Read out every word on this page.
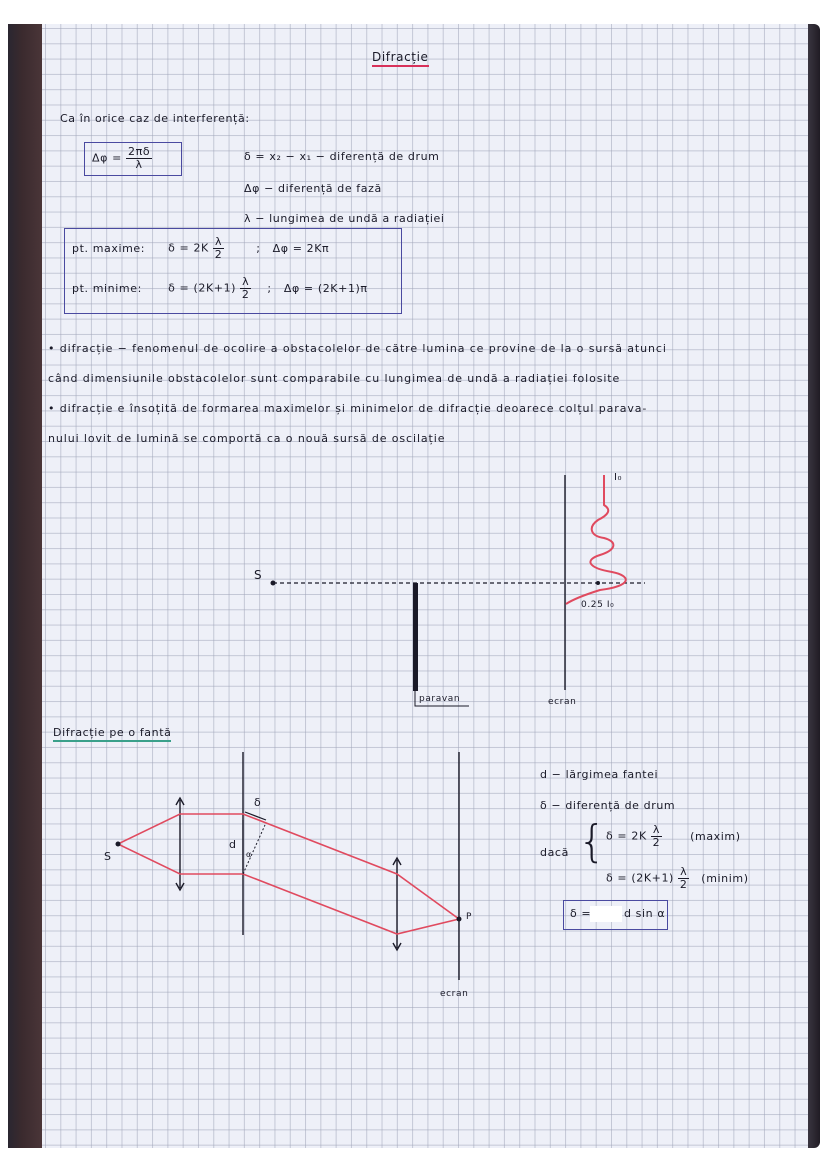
Difracție
Ca în orice caz de interferență:
$\Delta\varphi = \frac{2\pi\delta}{\lambda}$	δ = x₂ − x₁ − diferență de drum
Δφ − diferență de fază
λ − lungimea de undă a radiației
pt. maxime: $\delta = 2K \frac{\lambda}{2}$	; Δφ = 2Kπ
pt. minime: $\delta = (2K+1) \frac{\lambda}{2}$ ; Δφ = (2K+1)π
• difracție − fenomenul de ocolire a obstacolelor de către lumina ce provine de la o sursă atunci
când dimensiunile obstacolelor sunt comparabile cu lungimea de undă a radiației folosite
• difracție e însoțită de formarea maximelor și minimelor de difracție deoarece colțul parava-
nului lovit de lumină se comportă ca o nouă sursă de oscilație
S
paravan	ecran
I₀
0.25 I₀
Difracție pe o fantă
S
P
d
δ
α
ecran
d − lărgimea fantei
δ − diferență de drum
dacă { $\delta = 2K \frac{\lambda}{2}$	(maxim)
$\delta = (2K+1) \frac{\lambda}{2}$ (minim)
δ =	d sin α
